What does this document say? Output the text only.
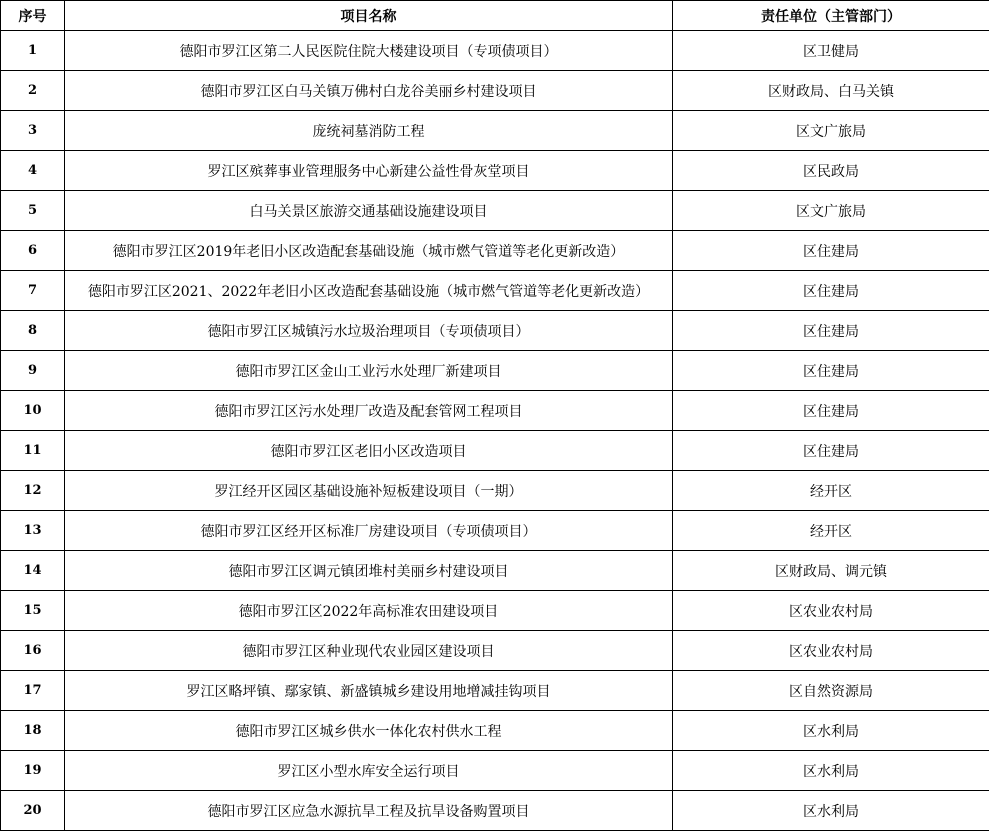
序号	项目名称	责任单位（主管部门）
1	德阳市罗江区第二人民医院住院大楼建设项目（专项债项目）	区卫健局
2	德阳市罗江区白马关镇万佛村白龙谷美丽乡村建设项目	区财政局、白马关镇
3	庞统祠墓消防工程	区文广旅局
4	罗江区殡葬事业管理服务中心新建公益性骨灰堂项目	区民政局
5	白马关景区旅游交通基础设施建设项目	区文广旅局
6	德阳市罗江区2019年老旧小区改造配套基础设施（城市燃气管道等老化更新改造）	区住建局
7	德阳市罗江区2021、2022年老旧小区改造配套基础设施（城市燃气管道等老化更新改造）	区住建局
8	德阳市罗江区城镇污水垃圾治理项目（专项债项目）	区住建局
9	德阳市罗江区金山工业污水处理厂新建项目	区住建局
10	德阳市罗江区污水处理厂改造及配套管网工程项目	区住建局
11	德阳市罗江区老旧小区改造项目	区住建局
12	罗江经开区园区基础设施补短板建设项目（一期）	经开区
13	德阳市罗江区经开区标准厂房建设项目（专项债项目）	经开区
14	德阳市罗江区调元镇团堆村美丽乡村建设项目	区财政局、调元镇
15	德阳市罗江区2022年高标准农田建设项目	区农业农村局
16	德阳市罗江区种业现代农业园区建设项目	区农业农村局
17	罗江区略坪镇、鄢家镇、新盛镇城乡建设用地增减挂钩项目	区自然资源局
18	德阳市罗江区城乡供水一体化农村供水工程	区水利局
19	罗江区小型水库安全运行项目	区水利局
20	德阳市罗江区应急水源抗旱工程及抗旱设备购置项目	区水利局
